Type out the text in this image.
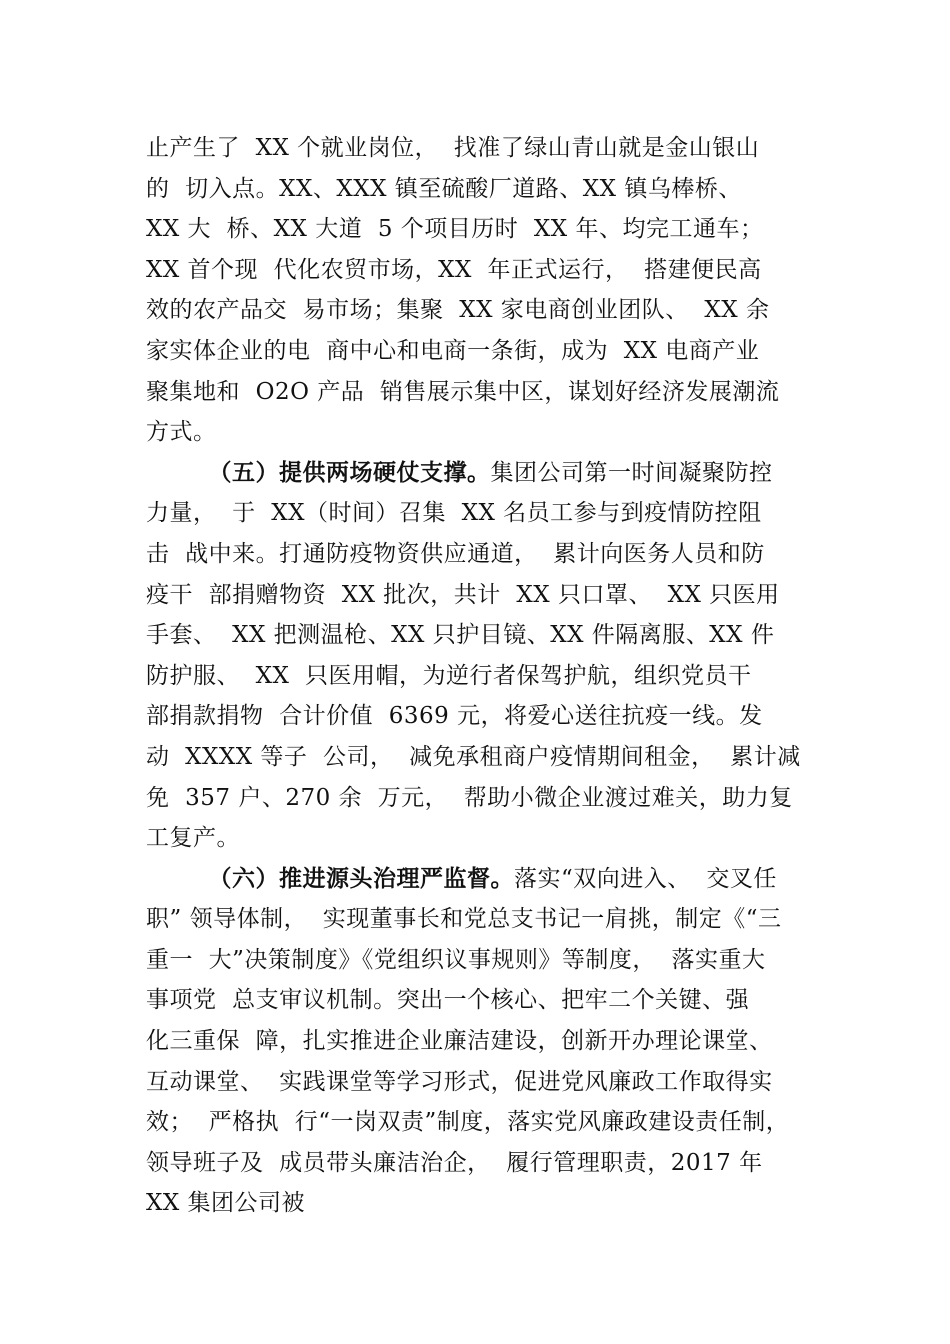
止产生了  XX 个就业岗位，  找准了绿山青山就是金山银山
的  切入点。XX、XXX 镇至硫酸厂道路、XX 镇乌棒桥、
XX 大  桥、XX 大道  5 个项目历时  XX 年、均完工通车；
XX 首个现  代化农贸市场，XX  年正式运行，  搭建便民高
效的农产品交  易市场；集聚  XX 家电商创业团队、  XX 余
家实体企业的电  商中心和电商一条街，成为  XX 电商产业
聚集地和  O2O 产品  销售展示集中区，谋划好经济发展潮流
方式。
（五）提供两场硬仗支撑。集团公司第一时间凝聚防控
力量，  于  XX（时间）召集  XX 名员工参与到疫情防控阻
击  战中来。打通防疫物资供应通道，  累计向医务人员和防
疫干  部捐赠物资  XX 批次，共计  XX 只口罩、  XX 只医用
手套、  XX 把测温枪、XX 只护目镜、XX 件隔离服、XX 件
防护服、  XX  只医用帽，为逆行者保驾护航，组织党员干
部捐款捐物  合计价值  6369 元，将爱心送往抗疫一线。发
动  XXXX 等子  公司，  减免承租商户疫情期间租金，  累计减
免  357 户、270 余  万元，  帮助小微企业渡过难关，助力复
工复产。
（六）推进源头治理严监督。落实“双向进入、  交叉任
职” 领导体制，  实现董事长和党总支书记一肩挑，制定《“三
重一  大”决策制度》《党组织议事规则》等制度，  落实重大
事项党  总支审议机制。突出一个核心、把牢二个关键、强
化三重保  障，扎实推进企业廉洁建设，创新开办理论课堂、
互动课堂、  实践课堂等学习形式，促进党风廉政工作取得实
效；  严格执  行“一岗双责”制度，落实党风廉政建设责任制，
领导班子及  成员带头廉洁治企，  履行管理职责，2017 年
XX 集团公司被
